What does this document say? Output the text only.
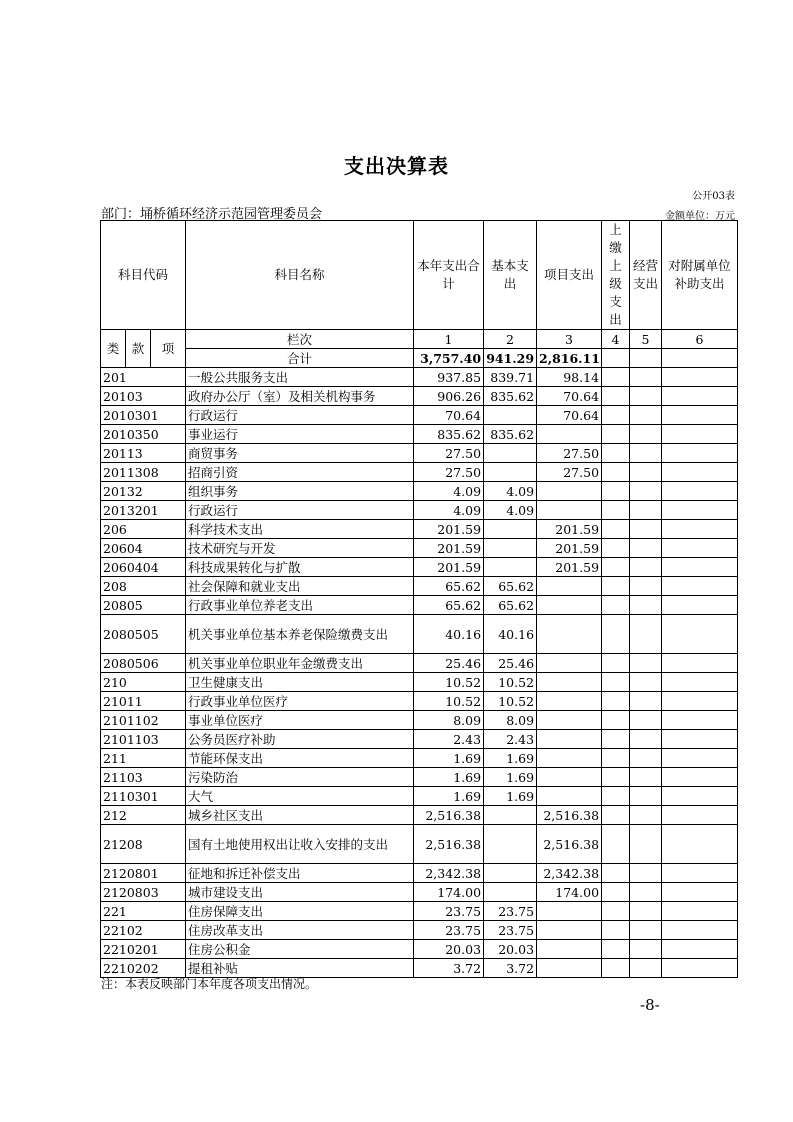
支出决算表
公开03表
部门：埇桥循环经济示范园管理委员会	金额单位：万元
科目代码			科目名称	本年支出合计	基本支出	项目支出	上缴上级支出	经营支出	对附属单位补助支出
类	款	项	栏次	1	2	3	4	5	6
			合计	3,757.40	941.29	2,816.11			
201			一般公共服务支出	937.85	839.71	98.14			
20103			政府办公厅（室）及相关机构事务	906.26	835.62	70.64			
2010301			行政运行	70.64		70.64			
2010350			事业运行	835.62	835.62				
20113			商贸事务	27.50		27.50			
2011308			招商引资	27.50		27.50			
20132			组织事务	4.09	4.09				
2013201			行政运行	4.09	4.09				
206			科学技术支出	201.59		201.59			
20604			技术研究与开发	201.59		201.59			
2060404			科技成果转化与扩散	201.59		201.59			
208			社会保障和就业支出	65.62	65.62				
20805			行政事业单位养老支出	65.62	65.62				
2080505			机关事业单位基本养老保险缴费支出	40.16	40.16				
2080506			机关事业单位职业年金缴费支出	25.46	25.46				
210			卫生健康支出	10.52	10.52				
21011			行政事业单位医疗	10.52	10.52				
2101102			事业单位医疗	8.09	8.09				
2101103			公务员医疗补助	2.43	2.43				
211			节能环保支出	1.69	1.69				
21103			污染防治	1.69	1.69				
2110301			大气	1.69	1.69				
212			城乡社区支出	2,516.38		2,516.38			
21208			国有土地使用权出让收入安排的支出	2,516.38		2,516.38			
2120801			征地和拆迁补偿支出	2,342.38		2,342.38			
2120803			城市建设支出	174.00		174.00			
221			住房保障支出	23.75	23.75				
22102			住房改革支出	23.75	23.75				
2210201			住房公积金	20.03	20.03				
2210202			提租补贴	3.72	3.72				
注：本表反映部门本年度各项支出情况。
-8-
